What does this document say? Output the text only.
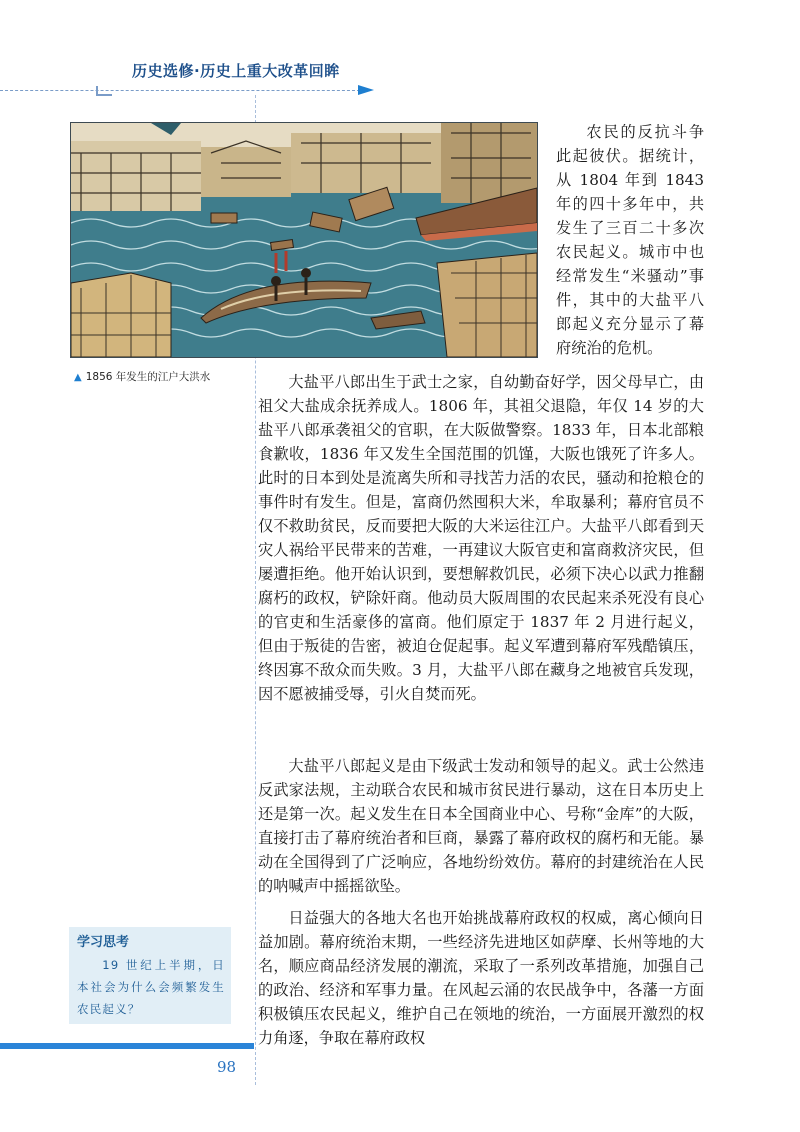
历史选修·历史上重大改革回眸
▲ 1856 年发生的江户大洪水

农民的反抗斗争此起彼伏。据统计，从 1804 年到 1843 年的四十多年中，共发生了三百二十多次农民起义。城市中也经常发生“米骚动”事件，其中的大盐平八郎起义充分显示了幕府统治的危机。

大盐平八郎出生于武士之家，自幼勤奋好学，因父母早亡，由祖父大盐成余抚养成人。1806 年，其祖父退隐，年仅 14 岁的大盐平八郎承袭祖父的官职，在大阪做警察。1833 年，日本北部粮食歉收，1836 年又发生全国范围的饥馑，大阪也饿死了许多人。此时的日本到处是流离失所和寻找苦力活的农民，骚动和抢粮仓的事件时有发生。但是，富商仍然囤积大米，牟取暴利；幕府官员不仅不救助贫民，反而要把大阪的大米运往江户。大盐平八郎看到天灾人祸给平民带来的苦难，一再建议大阪官吏和富商救济灾民，但屡遭拒绝。他开始认识到，要想解救饥民，必须下决心以武力推翻腐朽的政权，铲除奸商。他动员大阪周围的农民起来杀死没有良心的官吏和生活豪侈的富商。他们原定于 1837 年 2 月进行起义，但由于叛徒的告密，被迫仓促起事。起义军遭到幕府军残酷镇压，终因寡不敌众而失败。3 月，大盐平八郎在藏身之地被官兵发现，因不愿被捕受辱，引火自焚而死。

大盐平八郎起义是由下级武士发动和领导的起义。武士公然违反武家法规，主动联合农民和城市贫民进行暴动，这在日本历史上还是第一次。起义发生在日本全国商业中心、号称“金库”的大阪，直接打击了幕府统治者和巨商，暴露了幕府政权的腐朽和无能。暴动在全国得到了广泛响应，各地纷纷效仿。幕府的封建统治在人民的呐喊声中摇摇欲坠。

日益强大的各地大名也开始挑战幕府政权的权威，离心倾向日益加剧。幕府统治末期，一些经济先进地区如萨摩、长州等地的大名，顺应商品经济发展的潮流，采取了一系列改革措施，加强自己的政治、经济和军事力量。在风起云涌的农民战争中，各藩一方面积极镇压农民起义，维护自己在领地的统治，一方面展开激烈的权力角逐，争取在幕府政权

学习思考

19 世纪上半期，日本社会为什么会频繁发生农民起义？

98
